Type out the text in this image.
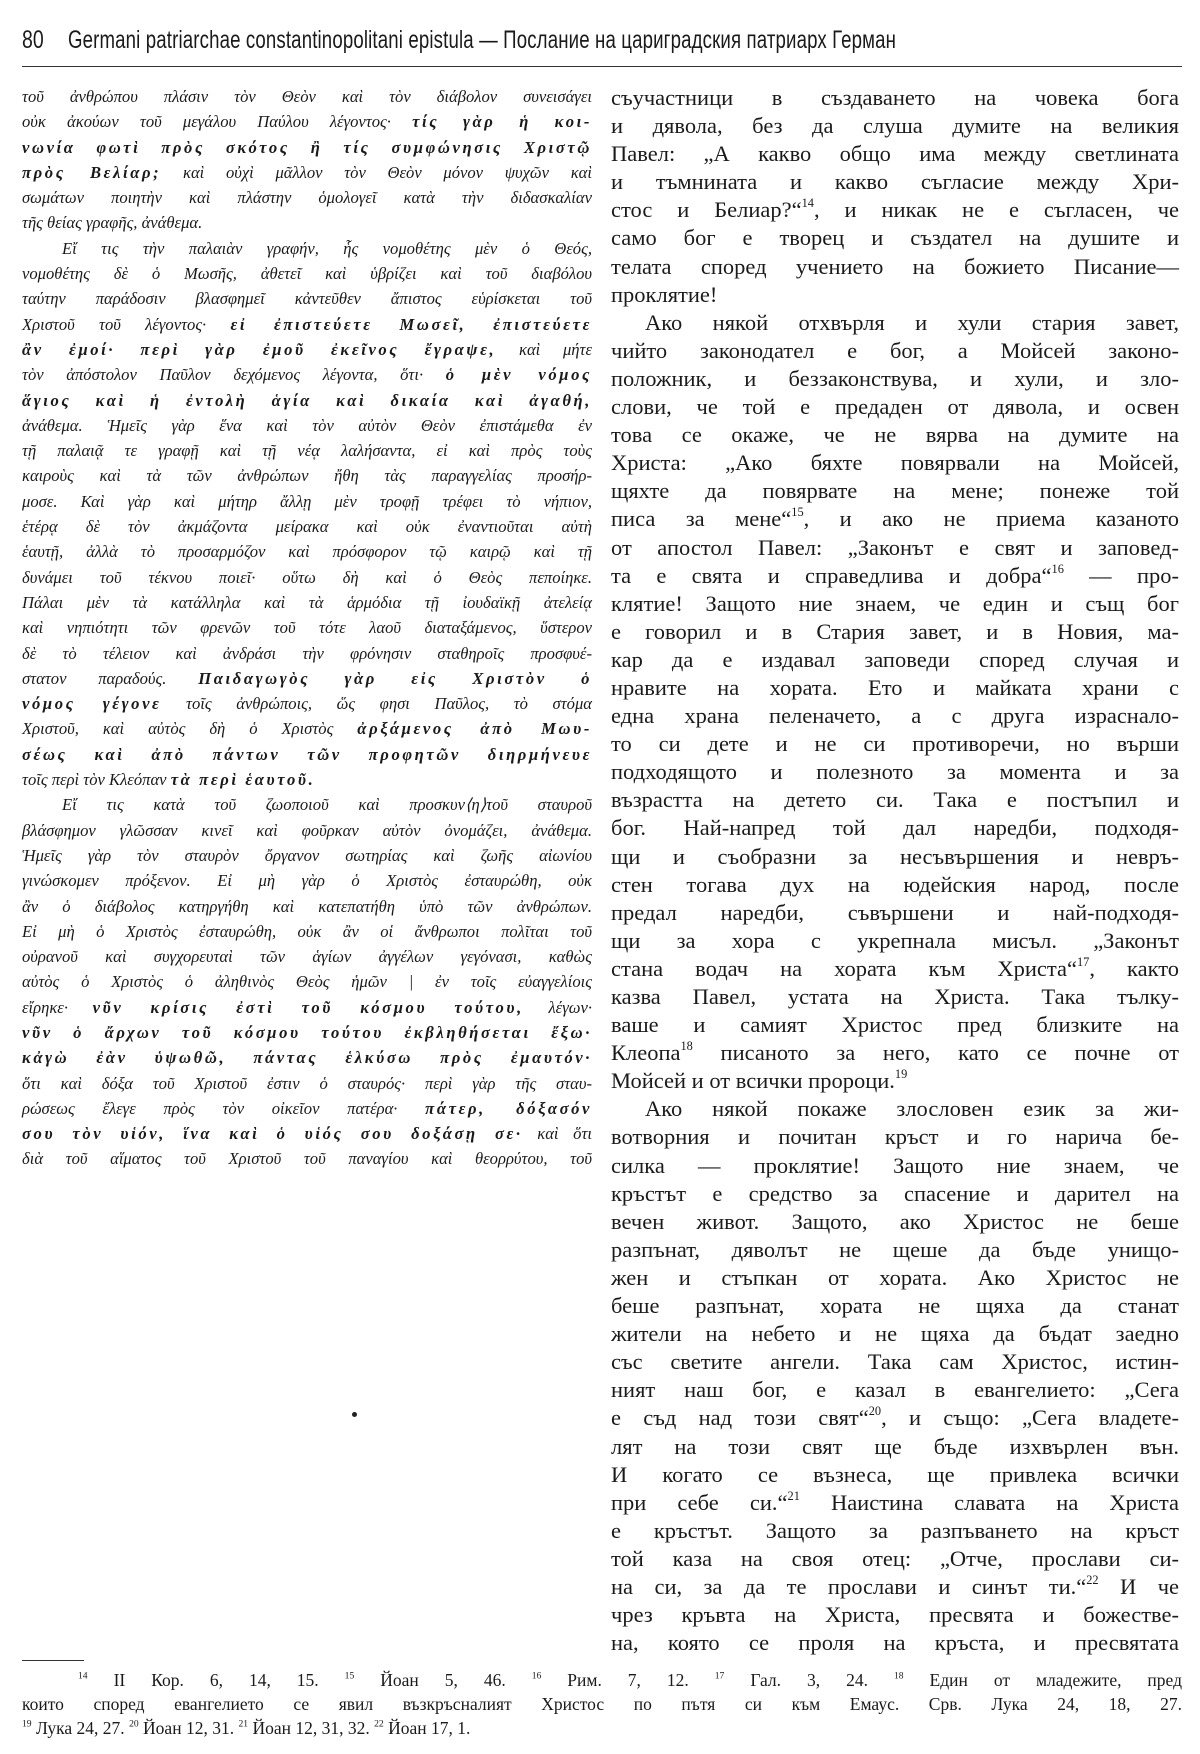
80 Germani patriarchae constantinopolitani epistula — Послание на цариградския патриарх Герман
τοῦ ἀνθρώπου πλάσιν τὸν Θεὸν καὶ τὸν διάβολον συνεισάγει
οὐκ ἀκούων τοῦ μεγάλου Παύλου λέγοντος· τίς γὰρ ἡ κοι-
νωνία φωτὶ πρὸς σκότος ἢ τίς συμφώνησις Χριστῷ
πρὸς Βελίαρ; καὶ οὐχὶ μᾶλλον τὸν Θεὸν μόνον ψυχῶν καὶ
σωμάτων ποιητὴν καὶ πλάστην ὁμολογεῖ κατὰ τὴν διδασκαλίαν
τῆς θείας γραφῆς, ἀνάθεμα.
Εἴ τις τὴν παλαιὰν γραφήν, ἧς νομοθέτης μὲν ὁ Θεός,
νομοθέτης δὲ ὁ Μωσῆς, ἀθετεῖ καὶ ὑβρίζει καὶ τοῦ διαβόλου
ταύτην παράδοσιν βλασφημεῖ κἀντεῦθεν ἄπιστος εὑρίσκεται τοῦ
Χριστοῦ τοῦ λέγοντος· εἰ ἐπιστεύετε Μωσεῖ, ἐπιστεύετε
ἂν ἐμοί· περὶ γὰρ ἐμοῦ ἐκεῖνος ἔγραψε, καὶ μήτε
τὸν ἀπόστολον Παῦλον δεχόμενος λέγοντα, ὅτι· ὁ μὲν νόμος
ἅγιος καὶ ἡ ἐντολὴ ἁγία καὶ δικαία καὶ ἀγαθή,
ἀνάθεμα. Ἡμεῖς γὰρ ἕνα καὶ τὸν αὐτὸν Θεὸν ἐπιστάμεθα ἐν
τῇ παλαιᾷ τε γραφῇ καὶ τῇ νέᾳ λαλήσαντα, εἰ καὶ πρὸς τοὺς
καιροὺς καὶ τὰ τῶν ἀνθρώπων ἤθη τὰς παραγγελίας προσήρ-
μοσε. Καὶ γὰρ καὶ μήτηρ ἄλλῃ μὲν τροφῇ τρέφει τὸ νήπιον,
ἑτέρᾳ δὲ τὸν ἀκμάζοντα μείρακα καὶ οὐκ ἐναντιοῦται αὐτὴ
ἑαυτῇ, ἀλλὰ τὸ προσαρμόζον καὶ πρόσφορον τῷ καιρῷ καὶ τῇ
δυνάμει τοῦ τέκνου ποιεῖ· οὕτω δὴ καὶ ὁ Θεὸς πεποίηκε.
Πάλαι μὲν τὰ κατάλληλα καὶ τὰ ἁρμόδια τῇ ἰουδαϊκῇ ἀτελείᾳ
καὶ νηπιότητι τῶν φρενῶν τοῦ τότε λαοῦ διαταξάμενος, ὕστερον
δὲ τὸ τέλειον καὶ ἀνδράσι τὴν φρόνησιν σταθηροῖς προσφυέ-
στατον παραδούς. Παιδαγωγὸς γὰρ εἰς Χριστὸν ὁ
νόμος γέγονε τοῖς ἀνθρώποις, ὥς φησι Παῦλος, τὸ στόμα
Χριστοῦ, καὶ αὐτὸς δὴ ὁ Χριστὸς ἀρξάμενος ἀπὸ Μωυ-
σέως καὶ ἀπὸ πάντων τῶν προφητῶν διηρμήνευε
τοῖς περὶ τὸν Κλεόπαν τὰ περὶ ἑαυτοῦ.
Εἴ τις κατὰ τοῦ ζωοποιοῦ καὶ προσκυν⟨η⟩τοῦ σταυροῦ
βλάσφημον γλῶσσαν κινεῖ καὶ φοῦρκαν αὐτὸν ὀνομάζει, ἀνάθεμα.
Ἡμεῖς γὰρ τὸν σταυρὸν ὄργανον σωτηρίας καὶ ζωῆς αἰωνίου
γινώσκομεν πρόξενον. Εἰ μὴ γὰρ ὁ Χριστὸς ἐσταυρώθη, οὐκ
ἂν ὁ διάβολος κατηργήθη καὶ κατεπατήθη ὑπὸ τῶν ἀνθρώπων.
Εἰ μὴ ὁ Χριστὸς ἐσταυρώθη, οὐκ ἂν οἱ ἄνθρωποι πολῖται τοῦ
οὐρανοῦ καὶ συγχορευταὶ τῶν ἁγίων ἀγγέλων γεγόνασι, καθὼς
αὐτὸς ὁ Χριστὸς ὁ ἀληθινὸς Θεὸς ἡμῶν | ἐν τοῖς εὐαγγελίοις
εἴρηκε· νῦν κρίσις ἐστὶ τοῦ κόσμου τούτου, λέγων·
νῦν ὁ ἄρχων τοῦ κόσμου τούτου ἐκβληθήσεται ἔξω·
κἀγὼ ἐὰν ὑψωθῶ, πάντας ἑλκύσω πρὸς ἐμαυτόν·
ὅτι καὶ δόξα τοῦ Χριστοῦ ἐστιν ὁ σταυρός· περὶ γὰρ τῆς σταυ-
ρώσεως ἔλεγε πρὸς τὸν οἰκεῖον πατέρα· πάτερ, δόξασόν
σου τὸν υἱόν, ἵνα καὶ ὁ υἱός σου δοξάσῃ σε· καὶ ὅτι
διὰ τοῦ αἵματος τοῦ Χριστοῦ τοῦ παναγίου καὶ θεορρύτου, τοῦ
съучастници в създаването на човека бога
и дявола, без да слуша думите на великия
Павел: „А какво общо има между светлината
и тъмнината и какво съгласие между Хри-
стос и Белиар?“$^{14}$, и никак не е съгласен, че
само бог е творец и създател на душите и
телата според учението на божието Писание—
проклятие!
Ако някой отхвърля и хули стария завет,
чийто законодател е бог, а Мойсей законо-
положник, и беззаконствува, и хули, и зло-
слови, че той е предаден от дявола, и освен
това се окаже, че не вярва на думите на
Христа: „Ако бяхте повярвали на Мойсей,
щяхте да повярвате на мене; понеже той
писа за мене“$^{15}$, и ако не приема казаното
от апостол Павел: „Законът е свят и заповед-
та е свята и справедлива и добра“$^{16}$ — про-
клятие! Защото ние знаем, че един и същ бог
е говорил и в Стария завет, и в Новия, ма-
кар да е издавал заповеди според случая и
нравите на хората. Ето и майката храни с
една храна пеленачето, а с друга израснало-
то си дете и не си противоречи, но върши
подходящото и полезното за момента и за
възрастта на детето си. Така е постъпил и
бог. Най-напред той дал наредби, подходя-
щи и съобразни за несъвършения и невръ-
стен тогава дух на юдейския народ, после
предал наредби, съвършени и най-подходя-
щи за хора с укрепнала мисъл. „Законът
стана водач на хората към Христа“$^{17}$, както
казва Павел, устата на Христа. Така тълку-
ваше и самият Христос пред близките на
Клеопа$^{18}$ писаното за него, като се почне от
Мойсей и от всички пророци.$^{19}$
Ако някой покаже злословен език за жи-
вотворния и почитан кръст и го нарича бе-
силка — проклятие! Защото ние знаем, че
кръстът е средство за спасение и дарител на
вечен живот. Защото, ако Христос не беше
разпънат, дяволът не щеше да бъде унищо-
жен и стъпкан от хората. Ако Христос не
беше разпънат, хората не щяха да станат
жители на небето и не щяха да бъдат заедно
със светите ангели. Така сам Христос, истин-
ният наш бог, е казал в евангелието: „Сега
е съд над този свят“$^{20}$, и също: „Сега владете-
лят на този свят ще бъде изхвърлен вън.
И когато се възнеса, ще привлека всички
при себе си.“$^{21}$ Наистина славата на Христа
е кръстът. Защото за разпъването на кръст
той каза на своя отец: „Отче, прослави си-
на си, за да те прослави и синът ти.“$^{22}$ И че
чрез кръвта на Христа, пресвята и божестве-
на, която се проля на кръста, и пресвятата
$^{14}$ II Кор. 6, 14, 15. $^{15}$ Йоан 5, 46. $^{16}$ Рим. 7, 12. $^{17}$ Гал. 3, 24. $^{18}$ Един от младежите, пред
които според евангелието се явил възкръсналият Христос по пътя си към Емаус. Срв. Лука 24, 18, 27.
$^{19}$ Лука 24, 27. $^{20}$ Йоан 12, 31. $^{21}$ Йоан 12, 31, 32. $^{22}$ Йоан 17, 1.
